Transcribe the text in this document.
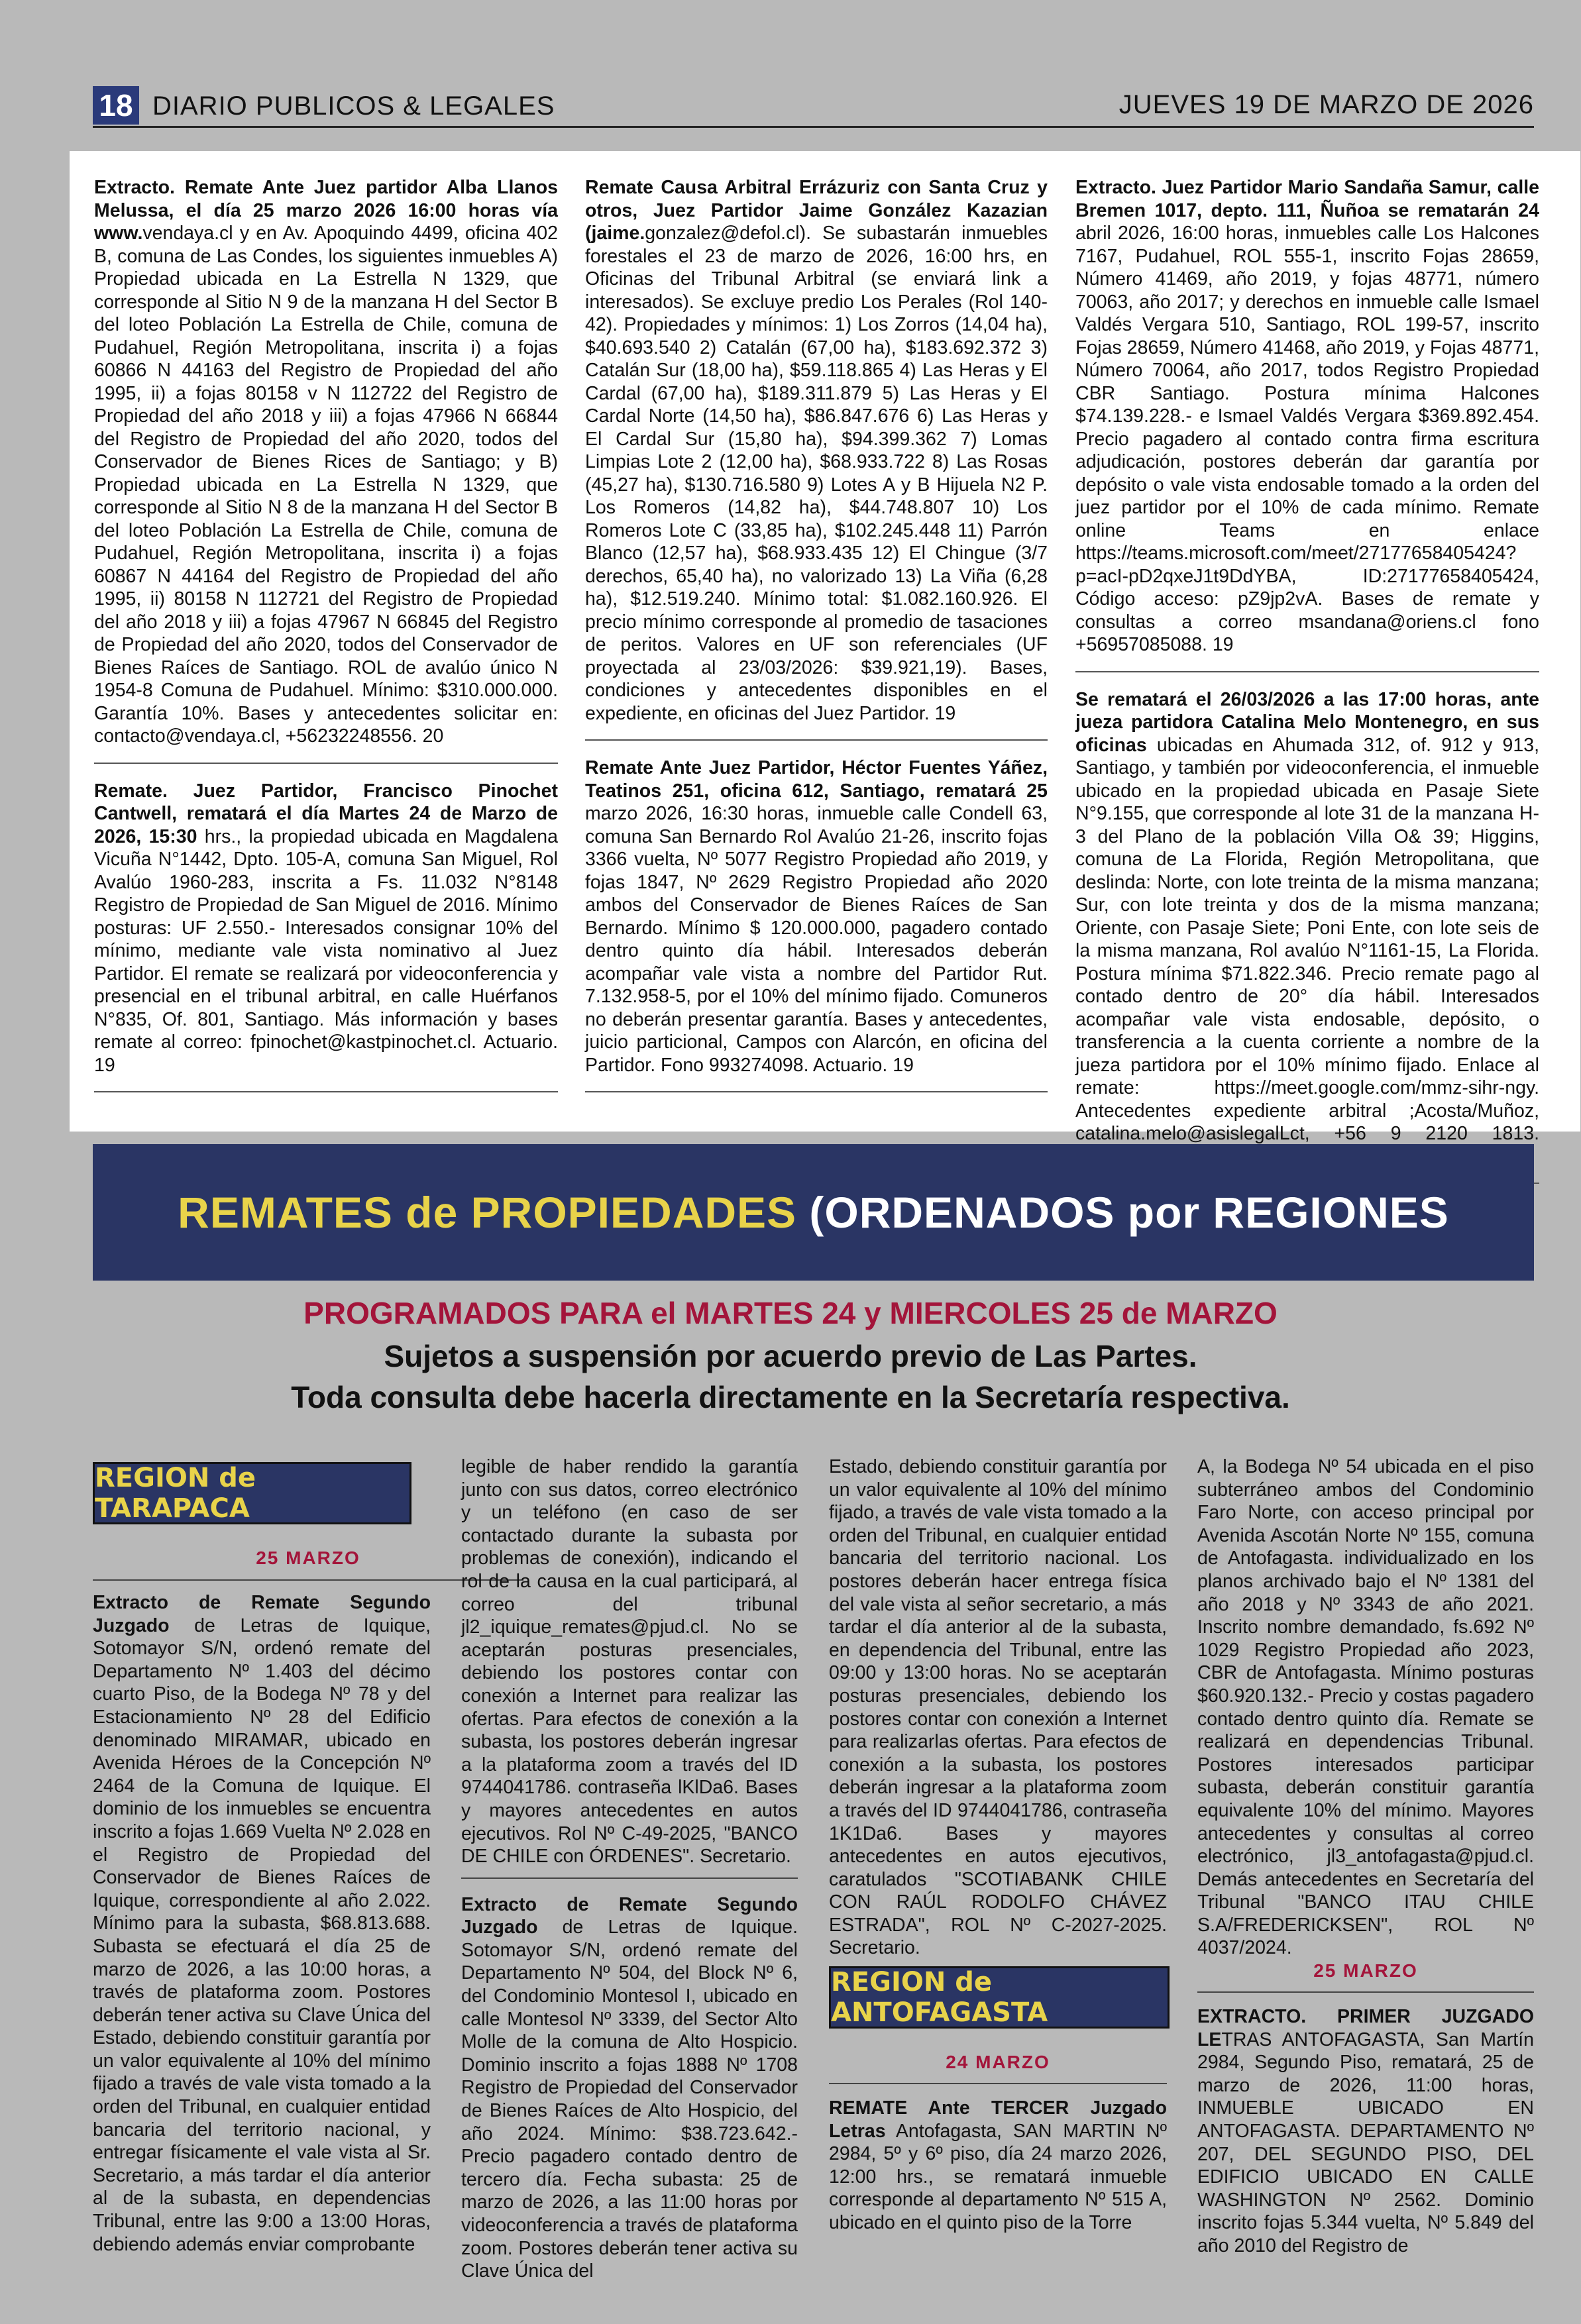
18 DIARIO PUBLICOS & LEGALES	JUEVES 19 DE MARZO DE 2026

Extracto. Remate Ante Juez partidor Alba Llanos Melussa, el día 25 marzo 2026 16:00 horas vía www.vendaya.cl y en Av. Apoquindo 4499, oficina 402 B, comuna de Las Condes, los siguientes inmuebles A) Propiedad ubicada en La Estrella N 1329, que corresponde al Sitio N 9 de la manzana H del Sector B del loteo Población La Estrella de Chile, comuna de Pudahuel, Región Metropolitana, inscrita i) a fojas 60866 N 44163 del Registro de Propiedad del año 1995, ii) a fojas 80158 v N 112722 del Registro de Propiedad del año 2018 y iii) a fojas 47966 N 66844 del Registro de Propiedad del año 2020, todos del Conservador de Bienes Rices de Santiago; y B) Propiedad ubicada en La Estrella N 1329, que corresponde al Sitio N 8 de la manzana H del Sector B del loteo Población La Estrella de Chile, comuna de Pudahuel, Región Metropolitana, inscrita i) a fojas 60867 N 44164 del Registro de Propiedad del año 1995, ii) 80158 N 112721 del Registro de Propiedad del año 2018 y iii) a fojas 47967 N 66845 del Registro de Propiedad del año 2020, todos del Conservador de Bienes Raíces de Santiago. ROL de avalúo único N 1954-8 Comuna de Pudahuel. Mínimo: $310.000.000. Garantía 10%. Bases y antecedentes solicitar en: contacto@vendaya.cl, +56232248556. 20

Remate. Juez Partidor, Francisco Pinochet Cantwell, rematará el día Martes 24 de Marzo de 2026, 15:30 hrs., la propiedad ubicada en Magdalena Vicuña N°1442, Dpto. 105-A, comuna San Miguel, Rol Avalúo 1960-283, inscrita a Fs. 11.032 N°8148 Registro de Propiedad de San Miguel de 2016. Mínimo posturas: UF 2.550.- Interesados consignar 10% del mínimo, mediante vale vista nominativo al Juez Partidor. El remate se realizará por videoconferencia y presencial en el tribunal arbitral, en calle Huérfanos N°835, Of. 801, Santiago. Más información y bases remate al correo: fpinochet@kastpinochet.cl. Actuario. 19

Remate Causa Arbitral Errázuriz con Santa Cruz y otros, Juez Partidor Jaime González Kazazian (jaime.gonzalez@defol.cl). Se subastarán inmuebles forestales el 23 de marzo de 2026, 16:00 hrs, en Oficinas del Tribunal Arbitral (se enviará link a interesados). Se excluye predio Los Perales (Rol 140-42). Propiedades y mínimos: 1) Los Zorros (14,04 ha), $40.693.540 2) Catalán (67,00 ha), $183.692.372 3) Catalán Sur (18,00 ha), $59.118.865 4) Las Heras y El Cardal (67,00 ha), $189.311.879 5) Las Heras y El Cardal Norte (14,50 ha), $86.847.676 6) Las Heras y El Cardal Sur (15,80 ha), $94.399.362 7) Lomas Limpias Lote 2 (12,00 ha), $68.933.722 8) Las Rosas (45,27 ha), $130.716.580 9) Lotes A y B Hijuela N2 P. Los Romeros (14,82 ha), $44.748.807 10) Los Romeros Lote C (33,85 ha), $102.245.448 11) Parrón Blanco (12,57 ha), $68.933.435 12) El Chingue (3/7 derechos, 65,40 ha), no valorizado 13) La Viña (6,28 ha), $12.519.240. Mínimo total: $1.082.160.926. El precio mínimo corresponde al promedio de tasaciones de peritos. Valores en UF son referenciales (UF proyectada al 23/03/2026: $39.921,19). Bases, condiciones y antecedentes disponibles en el expediente, en oficinas del Juez Partidor. 19

Remate Ante Juez Partidor, Héctor Fuentes Yáñez, Teatinos 251, oficina 612, Santiago, rematará 25 marzo 2026, 16:30 horas, inmueble calle Condell 63, comuna San Bernardo Rol Avalúo 21-26, inscrito fojas 3366 vuelta, Nº 5077 Registro Propiedad año 2019, y fojas 1847, Nº 2629 Registro Propiedad año 2020 ambos del Conservador de Bienes Raíces de San Bernardo. Mínimo $ 120.000.000, pagadero contado dentro quinto día hábil. Interesados deberán acompañar vale vista a nombre del Partidor Rut. 7.132.958-5, por el 10% del mínimo fijado. Comuneros no deberán presentar garantía. Bases y antecedentes, juicio particional, Campos con Alarcón, en oficina del Partidor. Fono 993274098. Actuario. 19

Extracto. Juez Partidor Mario Sandaña Samur, calle Bremen 1017, depto. 111, Ñuñoa se rematarán 24 abril 2026, 16:00 horas, inmuebles calle Los Halcones 7167, Pudahuel, ROL 555-1, inscrito Fojas 28659, Número 41469, año 2019, y fojas 48771, número 70063, año 2017; y derechos en inmueble calle Ismael Valdés Vergara 510, Santiago, ROL 199-57, inscrito Fojas 28659, Número 41468, año 2019, y Fojas 48771, Número 70064, año 2017, todos Registro Propiedad CBR Santiago. Postura mínima Halcones $74.139.228.- e Ismael Valdés Vergara $369.892.454. Precio pagadero al contado contra firma escritura adjudicación, postores deberán dar garantía por depósito o vale vista endosable tomado a la orden del juez partidor por el 10% de cada mínimo. Remate online Teams en enlace https://teams.microsoft.com/meet/27177658405424?p=acI-pD2qxeJ1t9DdYBA, ID:27177658405424, Código acceso: pZ9jp2vA. Bases de remate y consultas a correo msandana@oriens.cl fono +56957085088. 19

Se rematará el 26/03/2026 a las 17:00 horas, ante jueza partidora Catalina Melo Montenegro, en sus oficinas ubicadas en Ahumada 312, of. 912 y 913, Santiago, y también por videoconferencia, el inmueble ubicado en la propiedad ubicada en Pasaje Siete N°9.155, que corresponde al lote 31 de la manzana H-3 del Plano de la población Villa O& 39; Higgins, comuna de La Florida, Región Metropolitana, que deslinda: Norte, con lote treinta de la misma manzana; Sur, con lote treinta y dos de la misma manzana; Oriente, con Pasaje Siete; Poni Ente, con lote seis de la misma manzana, Rol avalúo N°1161-15, La Florida. Postura mínima $71.822.346. Precio remate pago al contado dentro de 20° día hábil. Interesados acompañar vale vista endosable, depósito, o transferencia a la cuenta corriente a nombre de la jueza partidora por el 10% mínimo fijado. Enlace al remate: https://meet.google.com/mmz-sihr-ngy. Antecedentes expediente arbitral ;Acosta/Muñoz, catalina.melo@asislegalLct, +56 9 2120 1813.

REMATES de PROPIEDADES (ORDENADOS por REGIONES
PROGRAMADOS PARA el MARTES 24 y MIERCOLES 25 de MARZO
Sujetos a suspensión por acuerdo previo de Las Partes.
Toda consulta debe hacerla directamente en la Secretaría respectiva.
REGION de TARAPACA
25 MARZO

Extracto de Remate Segundo Juzgado de Letras de Iquique, Sotomayor S/N, ordenó remate del Departamento Nº 1.403 del décimo cuarto Piso, de la Bodega Nº 78 y del Estacionamiento Nº 28 del Edificio denominado MIRAMAR, ubicado en Avenida Héroes de la Concepción Nº 2464 de la Comuna de Iquique. El dominio de los inmuebles se encuentra inscrito a fojas 1.669 Vuelta Nº 2.028 en el Registro de Propiedad del Conservador de Bienes Raíces de Iquique, correspondiente al año 2.022. Mínimo para la subasta, $68.813.688. Subasta se efectuará el día 25 de marzo de 2026, a las 10:00 horas, a través de plataforma zoom. Postores deberán tener activa su Clave Única del Estado, debiendo constituir garantía por un valor equivalente al 10% del mínimo fijado a través de vale vista tomado a la orden del Tribunal, en cualquier entidad bancaria del territorio nacional, y entregar físicamente el vale vista al Sr. Secretario, a más tardar el día anterior al de la subasta, en dependencias Tribunal, entre las 9:00 a 13:00 Horas, debiendo además enviar comprobante

legible de haber rendido la garantía junto con sus datos, correo electrónico y un teléfono (en caso de ser contactado durante la subasta por problemas de conexión), indicando el rol de la causa en la cual participará, al correo del tribunal jl2_iquique_remates@pjud.cl. No se aceptarán posturas presenciales, debiendo los postores contar con conexión a Internet para realizar las ofertas. Para efectos de conexión a la subasta, los postores deberán ingresar a la plataforma zoom a través del ID 9744041786. contraseña lKlDa6. Bases y mayores antecedentes en autos ejecutivos. Rol Nº C-49-2025, "BANCO DE CHILE con ÓRDENES". Secretario.

Extracto de Remate Segundo Juzgado de Letras de Iquique. Sotomayor S/N, ordenó remate del Departamento Nº 504, del Block Nº 6, del Condominio Montesol I, ubicado en calle Montesol Nº 3339, del Sector Alto Molle de la comuna de Alto Hospicio. Dominio inscrito a fojas 1888 Nº 1708 Registro de Propiedad del Conservador de Bienes Raíces de Alto Hospicio, del año 2024. Mínimo: $38.723.642.- Precio pagadero contado dentro de tercero día. Fecha subasta: 25 de marzo de 2026, a las 11:00 horas por videoconferencia a través de plataforma zoom. Postores deberán tener activa su Clave Única del

Estado, debiendo constituir garantía por un valor equivalente al 10% del mínimo fijado, a través de vale vista tomado a la orden del Tribunal, en cualquier entidad bancaria del territorio nacional. Los postores deberán hacer entrega física del vale vista al señor secretario, a más tardar el día anterior al de la subasta, en dependencia del Tribunal, entre las 09:00 y 13:00 horas. No se aceptarán posturas presenciales, debiendo los postores contar con conexión a Internet para realizarlas ofertas. Para efectos de conexión a la subasta, los postores deberán ingresar a la plataforma zoom a través del ID 9744041786, contraseña 1K1Da6. Bases y mayores antecedentes en autos ejecutivos, caratulados "SCOTIABANK CHILE CON RAÚL RODOLFO CHÁVEZ ESTRADA", ROL Nº C-2027-2025. Secretario.

REGION de ANTOFAGASTA
24 MARZO

REMATE Ante TERCER Juzgado Letras Antofagasta, SAN MARTIN Nº 2984, 5º y 6º piso, día 24 marzo 2026, 12:00 hrs., se rematará inmueble corresponde al departamento Nº 515 A, ubicado en el quinto piso de la Torre

A, la Bodega Nº 54 ubicada en el piso subterráneo ambos del Condominio Faro Norte, con acceso principal por Avenida Ascotán Norte Nº 155, comuna de Antofagasta. individualizado en los planos archivado bajo el Nº 1381 del año 2018 y Nº 3343 de año 2021. Inscrito nombre demandado, fs.692 Nº 1029 Registro Propiedad año 2023, CBR de Antofagasta. Mínimo posturas $60.920.132.- Precio y costas pagadero contado dentro quinto día. Remate se realizará en dependencias Tribunal. Postores interesados participar subasta, deberán constituir garantía equivalente 10% del mínimo. Mayores antecedentes y consultas al correo electrónico, jl3_antofagasta@pjud.cl. Demás antecedentes en Secretaría del Tribunal "BANCO ITAU CHILE S.A/FREDERICKSEN", ROL Nº 4037/2024.

25 MARZO

EXTRACTO. PRIMER JUZGADO LETRAS ANTOFAGASTA, San Martín 2984, Segundo Piso, rematará, 25 de marzo de 2026, 11:00 horas, INMUEBLE UBICADO EN ANTOFAGASTA. DEPARTAMENTO Nº 207, DEL SEGUNDO PISO, DEL EDIFICIO UBICADO EN CALLE WASHINGTON Nº 2562. Dominio inscrito fojas 5.344 vuelta, Nº 5.849 del año 2010 del Registro de
